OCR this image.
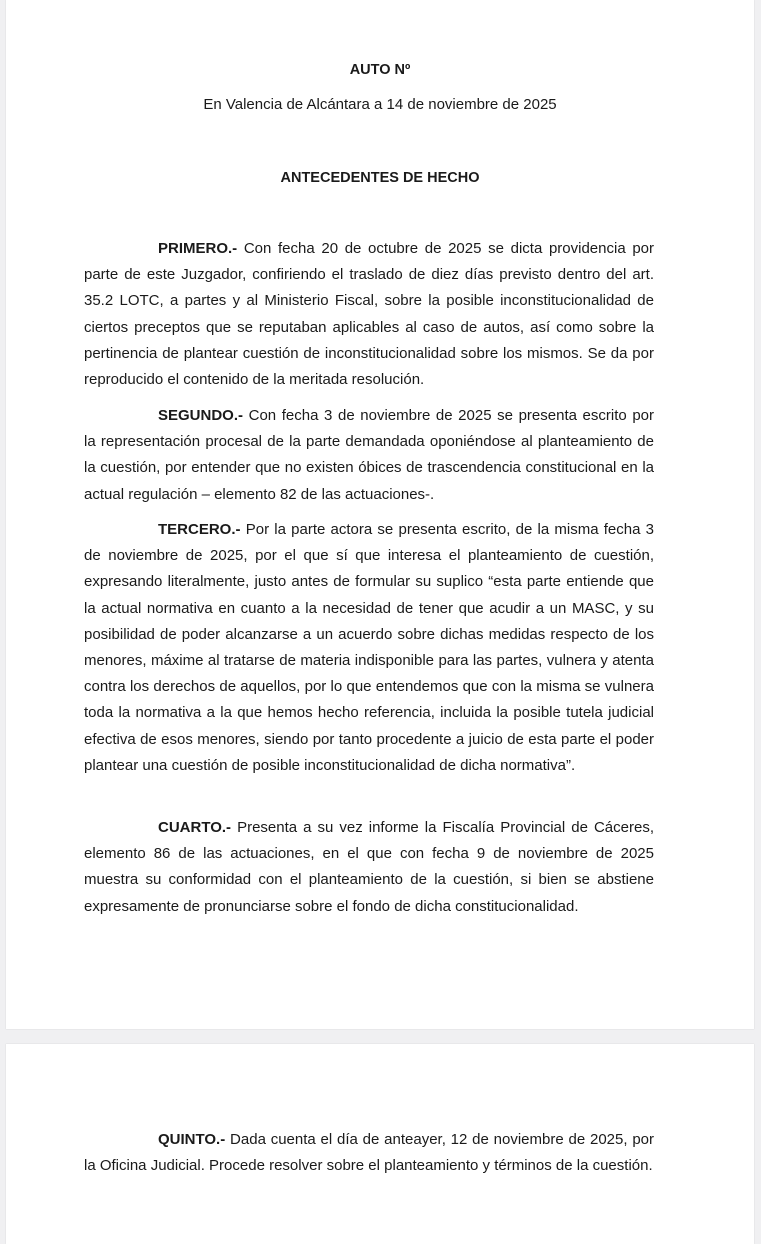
AUTO Nº
En Valencia de Alcántara a 14 de noviembre de 2025
ANTECEDENTES DE HECHO

PRIMERO.- Con fecha 20 de octubre de 2025 se dicta providencia por parte de este Juzgador, confiriendo el traslado de diez días previsto dentro del art. 35.2 LOTC, a partes y al Ministerio Fiscal, sobre la posible inconstitucionalidad de ciertos preceptos que se reputaban aplicables al caso de autos, así como sobre la pertinencia de plantear cuestión de inconstitucionalidad sobre los mismos. Se da por reproducido el contenido de la meritada resolución.

SEGUNDO.- Con fecha 3 de noviembre de 2025 se presenta escrito por la representación procesal de la parte demandada oponiéndose al planteamiento de la cuestión, por entender que no existen óbices de trascendencia constitucional en la actual regulación – elemento 82 de las actuaciones-.

TERCERO.- Por la parte actora se presenta escrito, de la misma fecha 3 de noviembre de 2025, por el que sí que interesa el planteamiento de cuestión, expresando literalmente, justo antes de formular su suplico “esta parte entiende que la actual normativa en cuanto a la necesidad de tener que acudir a un MASC, y su posibilidad de poder alcanzarse a un acuerdo sobre dichas medidas respecto de los menores, máxime al tratarse de materia indisponible para las partes, vulnera y atenta contra los derechos de aquellos, por lo que entendemos que con la misma se vulnera toda la normativa a la que hemos hecho referencia, incluida la posible tutela judicial efectiva de esos menores, siendo por tanto procedente a juicio de esta parte el poder plantear una cuestión de posible inconstitucionalidad de dicha normativa”.

CUARTO.- Presenta a su vez informe la Fiscalía Provincial de Cáceres, elemento 86 de las actuaciones, en el que con fecha 9 de noviembre de 2025 muestra su conformidad con el planteamiento de la cuestión, si bien se abstiene expresamente de pronunciarse sobre el fondo de dicha constitucionalidad.

QUINTO.- Dada cuenta el día de anteayer, 12 de noviembre de 2025, por la Oficina Judicial. Procede resolver sobre el planteamiento y términos de la cuestión.
